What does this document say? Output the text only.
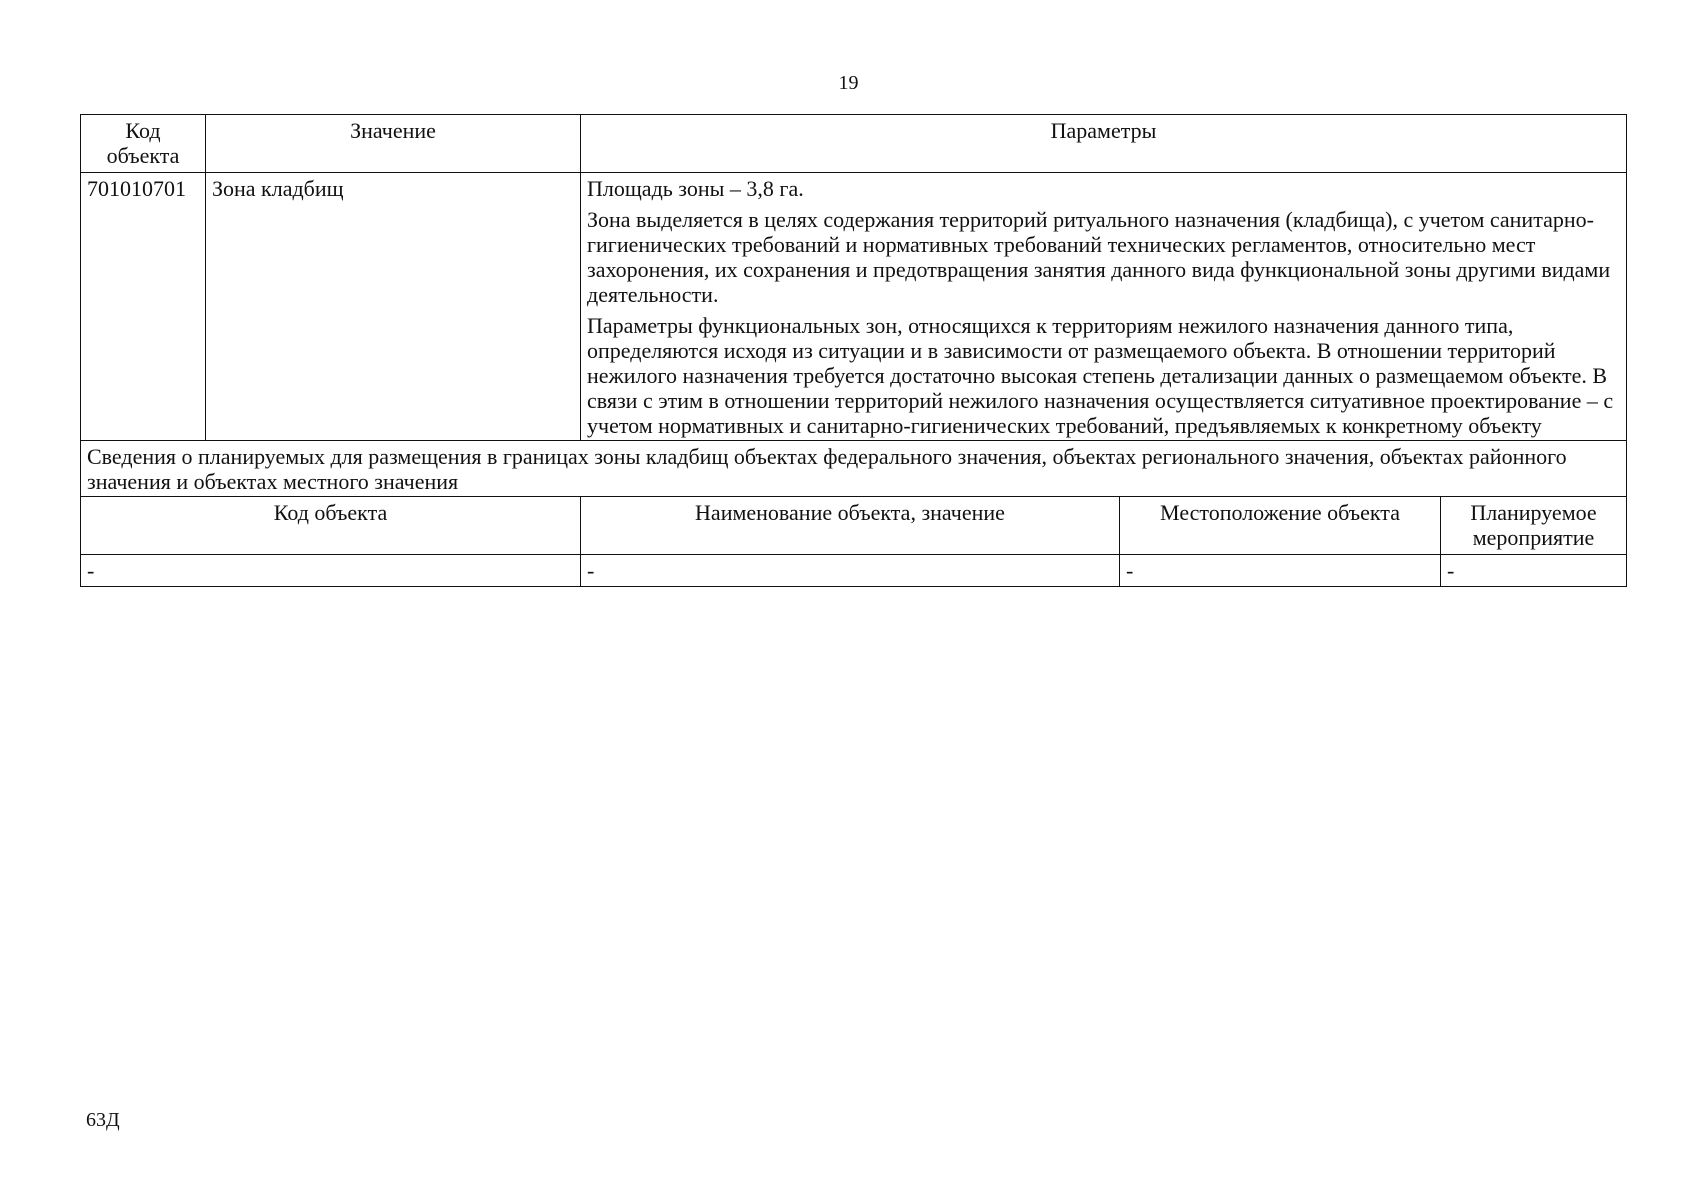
19
Код объекта	Значение	Параметры		
701010701	Зона кладбищ	Площадь зоны – 3,8 га.

Зона выделяется в целях содержания территорий ритуального назначения (кладбища), с учетом санитарно-гигиенических требований и нормативных требований технических регламентов, относительно мест захоронения, их сохранения и предотвращения занятия данного вида функциональной зоны другими видами деятельности.

Параметры функциональных зон, относящихся к территориям нежилого назначения данного типа, определяются исходя из ситуации и в зависимости от размещаемого объекта. В отношении территорий нежилого назначения требуется достаточно высокая степень детализации данных о размещаемом объекте. В связи с этим в отношении территорий нежилого назначения осуществляется ситуативное проектирование – с учетом нормативных и санитарно-гигиенических требований, предъявляемых к конкретному объекту		

Сведения о планируемых для размещения в границах зоны кладбищ объектах федерального значения, объектах регионального значения, объектах районного значения и объектах местного значения				
Код объекта		Наименование объекта, значение	Местоположение объекта	Планируемое мероприятие
-		-	-	-
63Д
